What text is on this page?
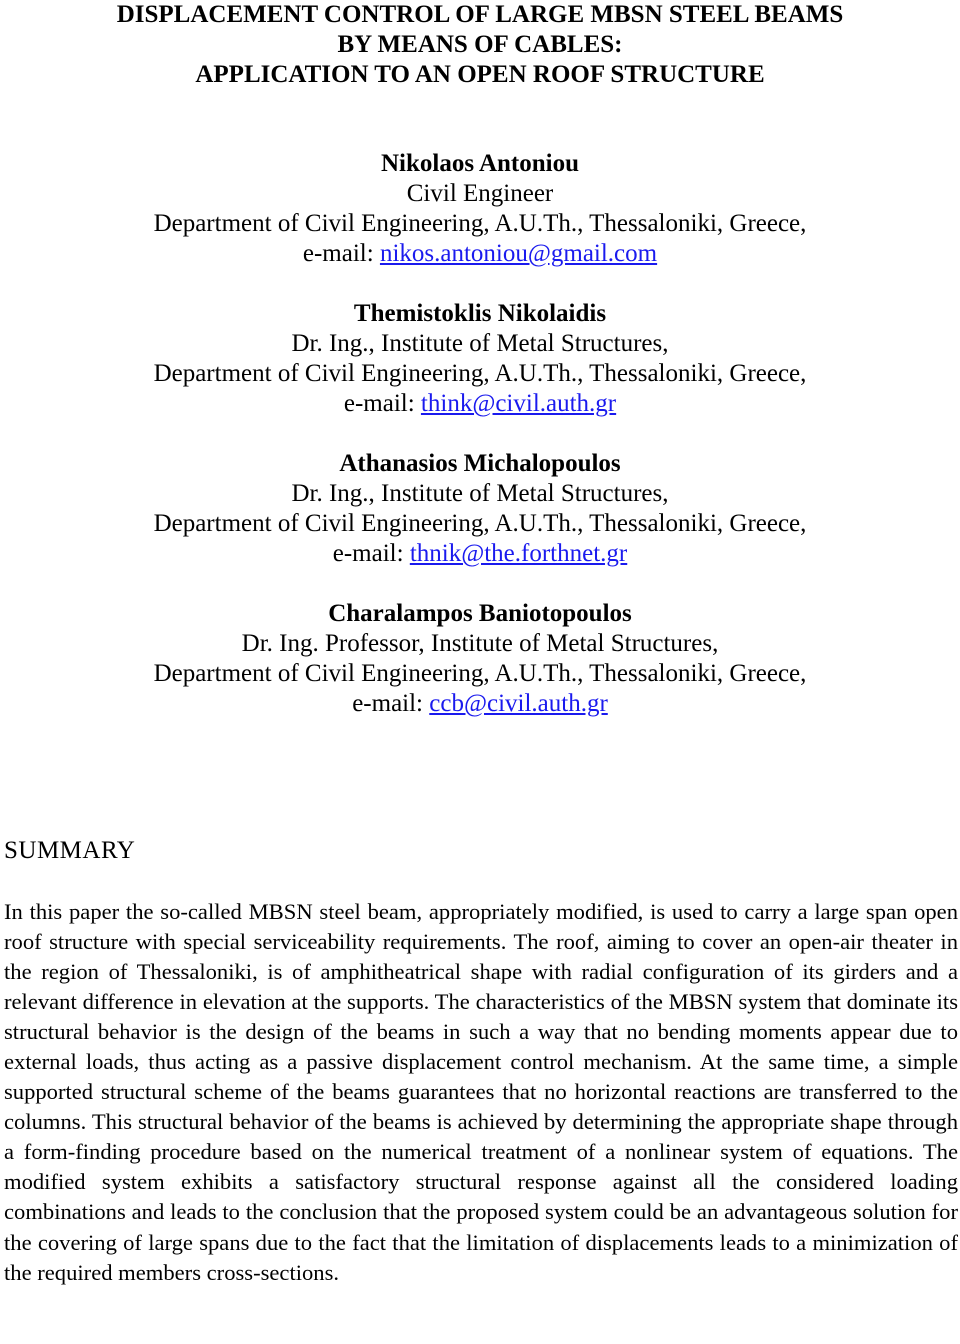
DISPLACEMENT CONTROL OF LARGE MBSN STEEL BEAMS
BY MEANS OF CABLES:
APPLICATION TO AN OPEN ROOF STRUCTURE
Nikolaos Antoniou
Civil Engineer
Department of Civil Engineering, A.U.Th., Thessaloniki, Greece,
e-mail: nikos.antoniou@gmail.com
Themistoklis Nikolaidis
Dr. Ing., Institute of Metal Structures,
Department of Civil Engineering, A.U.Th., Thessaloniki, Greece,
e-mail: think@civil.auth.gr
Athanasios Michalopoulos
Dr. Ing., Institute of Metal Structures,
Department of Civil Engineering, A.U.Th., Thessaloniki, Greece,
e-mail: thnik@the.forthnet.gr
Charalampos Baniotopoulos
Dr. Ing. Professor, Institute of Metal Structures,
Department of Civil Engineering, A.U.Th., Thessaloniki, Greece,
e-mail: ccb@civil.auth.gr
SUMMARY

In this paper the so-called MBSN steel beam, appropriately modified, is used to carry a large span open roof structure with special serviceability requirements. The roof, aiming to cover an open-air theater in the region of Thessaloniki, is of amphitheatrical shape with radial configuration of its girders and a relevant difference in elevation at the supports. The characteristics of the MBSN system that dominate its structural behavior is the design of the beams in such a way that no bending moments appear due to external loads, thus acting as a passive displacement control mechanism. At the same time, a simple supported structural scheme of the beams guarantees that no horizontal reactions are transferred to the columns. This structural behavior of the beams is achieved by determining the appropriate shape through a form-finding procedure based on the numerical treatment of a nonlinear system of equations. The modified system exhibits a satisfactory structural response against all the considered loading combinations and leads to the conclusion that the proposed system could be an advantageous solution for the covering of large spans due to the fact that the limitation of displacements leads to a minimization of the required members cross-sections.
